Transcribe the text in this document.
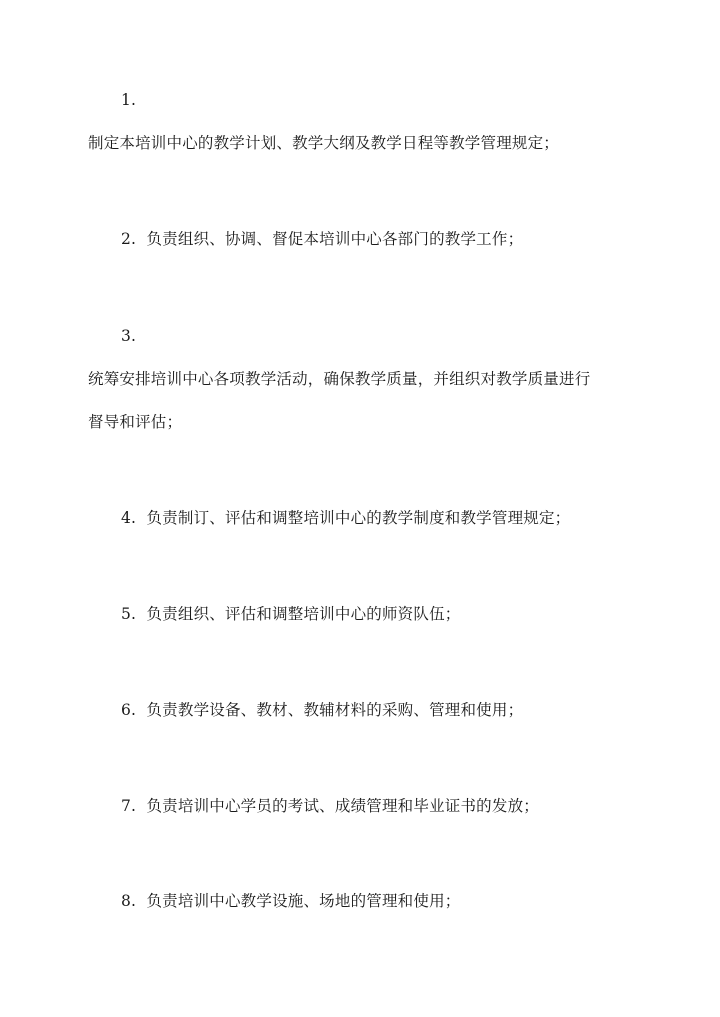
1.
制定本培训中心的教学计划、教学大纲及教学日程等教学管理规定；
2. 负责组织、协调、督促本培训中心各部门的教学工作；
3.
统筹安排培训中心各项教学活动，确保教学质量，并组织对教学质量进行
督导和评估；
4. 负责制订、评估和调整培训中心的教学制度和教学管理规定；
5. 负责组织、评估和调整培训中心的师资队伍；
6. 负责教学设备、教材、教辅材料的采购、管理和使用；
7. 负责培训中心学员的考试、成绩管理和毕业证书的发放；
8. 负责培训中心教学设施、场地的管理和使用；
